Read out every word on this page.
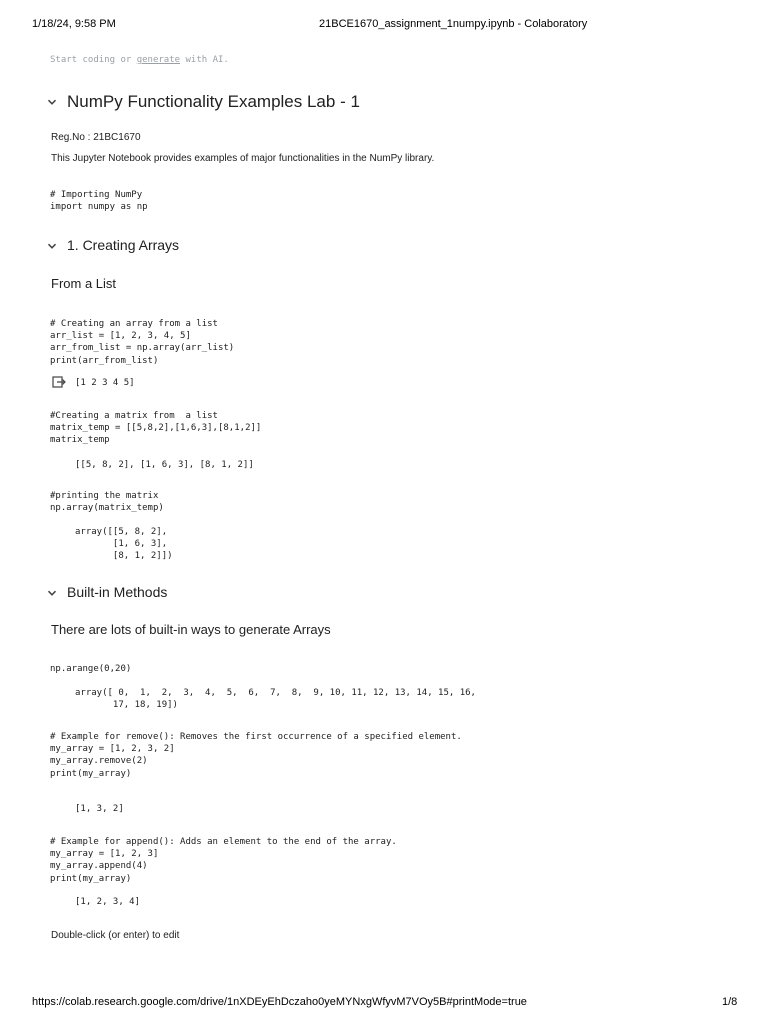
1/18/24, 9:58 PM	21BCE1670_assignment_1numpy.ipynb - Colaboratory
Start coding or generate with AI.
NumPy Functionality Examples Lab - 1
Reg.No : 21BC1670
This Jupyter Notebook provides examples of major functionalities in the NumPy library.
# Importing NumPy
import numpy as np
1. Creating Arrays
From a List
# Creating an array from a list
arr_list = [1, 2, 3, 4, 5]
arr_from_list = np.array(arr_list)
print(arr_from_list)
[1 2 3 4 5]
#Creating a matrix from  a list
matrix_temp = [[5,8,2],[1,6,3],[8,1,2]]
matrix_temp
[[5, 8, 2], [1, 6, 3], [8, 1, 2]]
#printing the matrix
np.array(matrix_temp)
array([[5, 8, 2],
[1, 6, 3],
[8, 1, 2]])
Built-in Methods
There are lots of built-in ways to generate Arrays
np.arange(0,20)
array([ 0,  1,  2,  3,  4,  5,  6,  7,  8,  9, 10, 11, 12, 13, 14, 15, 16,
17, 18, 19])
# Example for remove(): Removes the first occurrence of a specified element.
my_array = [1, 2, 3, 2]
my_array.remove(2)
print(my_array)
[1, 3, 2]
# Example for append(): Adds an element to the end of the array.
my_array = [1, 2, 3]
my_array.append(4)
print(my_array)
[1, 2, 3, 4]
Double-click (or enter) to edit
https://colab.research.google.com/drive/1nXDEyEhDczaho0yeMYNxgWfyvM7VOy5B#printMode=true	1/8
